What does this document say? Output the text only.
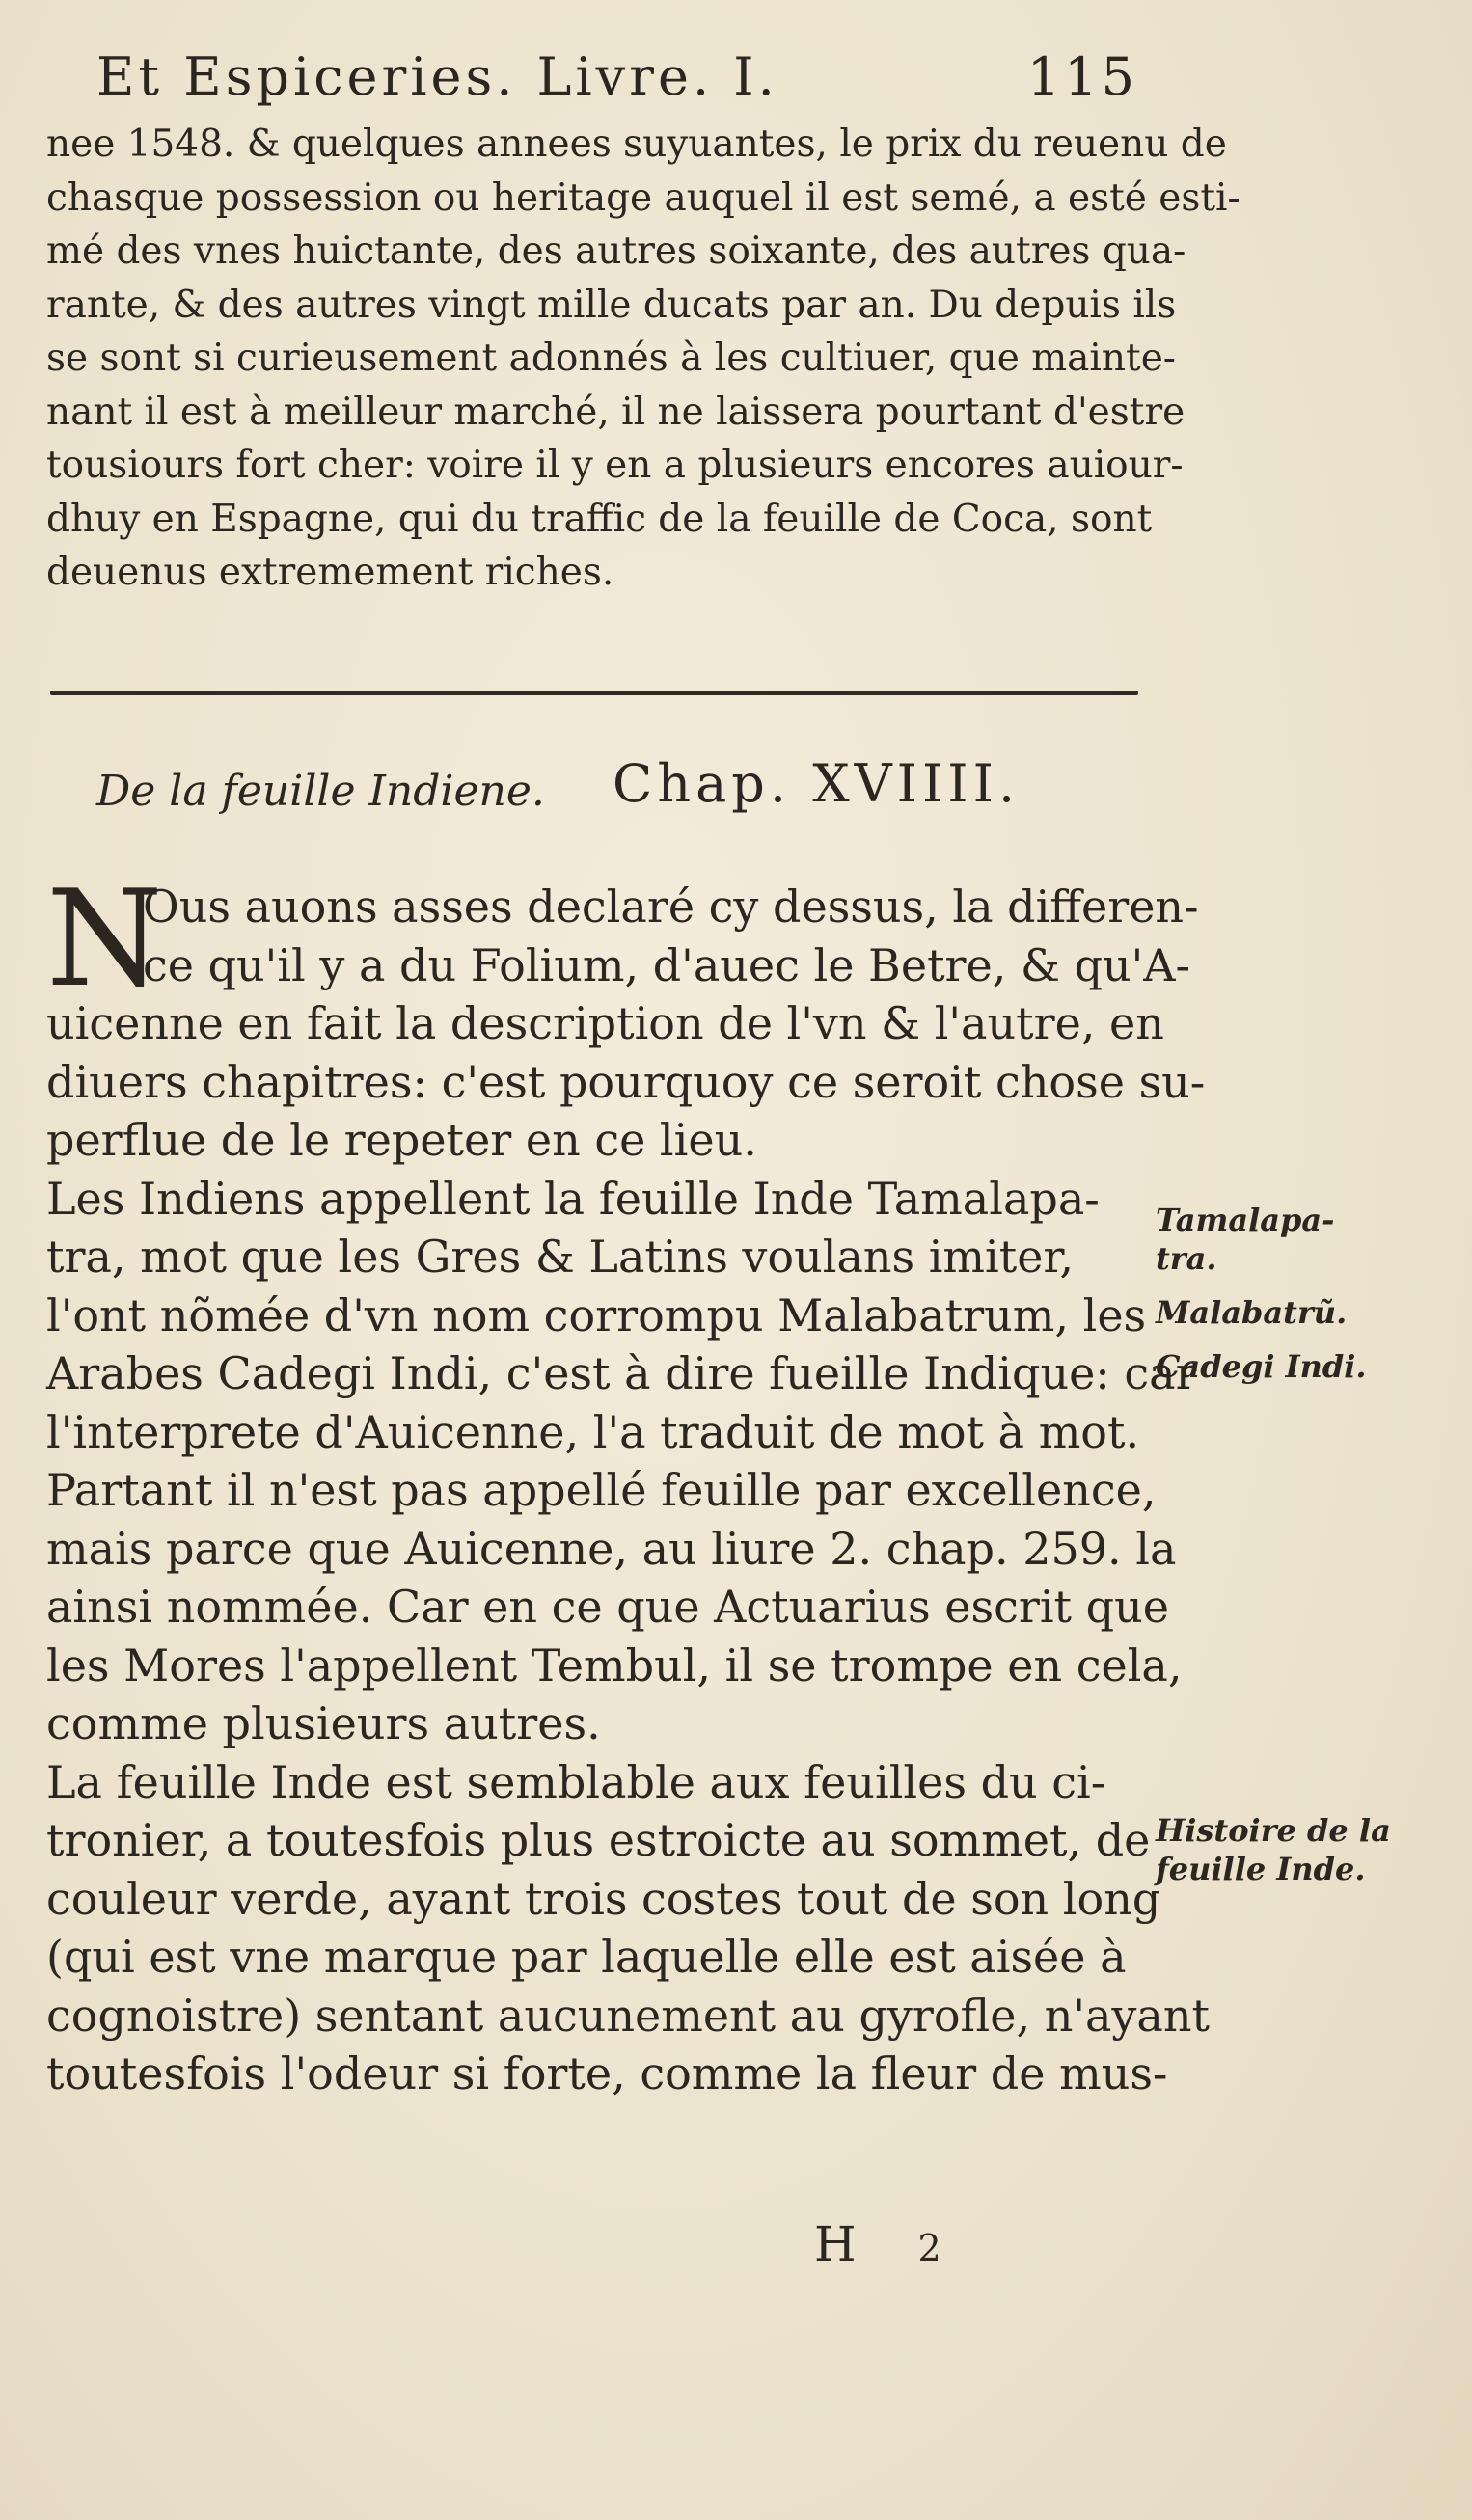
Et Espiceries. Livre. I.	115
nee 1548. & quelques annees suyuantes, le prix du reuenu de
chasque possession ou heritage auquel il est semé, a esté esti-
mé des vnes huictante, des autres soixante, des autres qua-
rante, & des autres vingt mille ducats par an. Du depuis ils
se sont si curieusement adonnés à les cultiuer, que mainte-
nant il est à meilleur marché, il ne laissera pourtant d'estre
tousiours fort cher: voire il y en a plusieurs encores auiour-
dhuy en Espagne, qui du traffic de la feuille de Coca, sont
deuenus extremement riches.
De la feuille Indiene. Chap. XVIIII.
N
Ous auons asses declaré cy dessus, la differen-
ce qu'il y a du Folium, d'auec le Betre, & qu'A-
uicenne en fait la description de l'vn & l'autre, en
diuers chapitres: c'est pourquoy ce seroit chose su-
perflue de le repeter en ce lieu.
Les Indiens appellent la feuille Inde Tamalapa-
tra, mot que les Gres & Latins voulans imiter,
l'ont nõmée d'vn nom corrompu Malabatrum, les
Arabes Cadegi Indi, c'est à dire fueille Indique: car
l'interprete d'Auicenne, l'a traduit de mot à mot.
Partant il n'est pas appellé feuille par excellence,
mais parce que Auicenne, au liure 2. chap. 259. la
ainsi nommée. Car en ce que Actuarius escrit que
les Mores l'appellent Tembul, il se trompe en cela,
comme plusieurs autres.
La feuille Inde est semblable aux feuilles du ci-
tronier, a toutesfois plus estroicte au sommet, de
couleur verde, ayant trois costes tout de son long
(qui est vne marque par laquelle elle est aisée à
cognoistre) sentant aucunement au gyrofle, n'ayant
toutesfois l'odeur si forte, comme la fleur de mus-
Tamalapa-
tra.
Malabatrũ.
Cadegi Indi.
Histoire de la
feuille Inde.
H 2
